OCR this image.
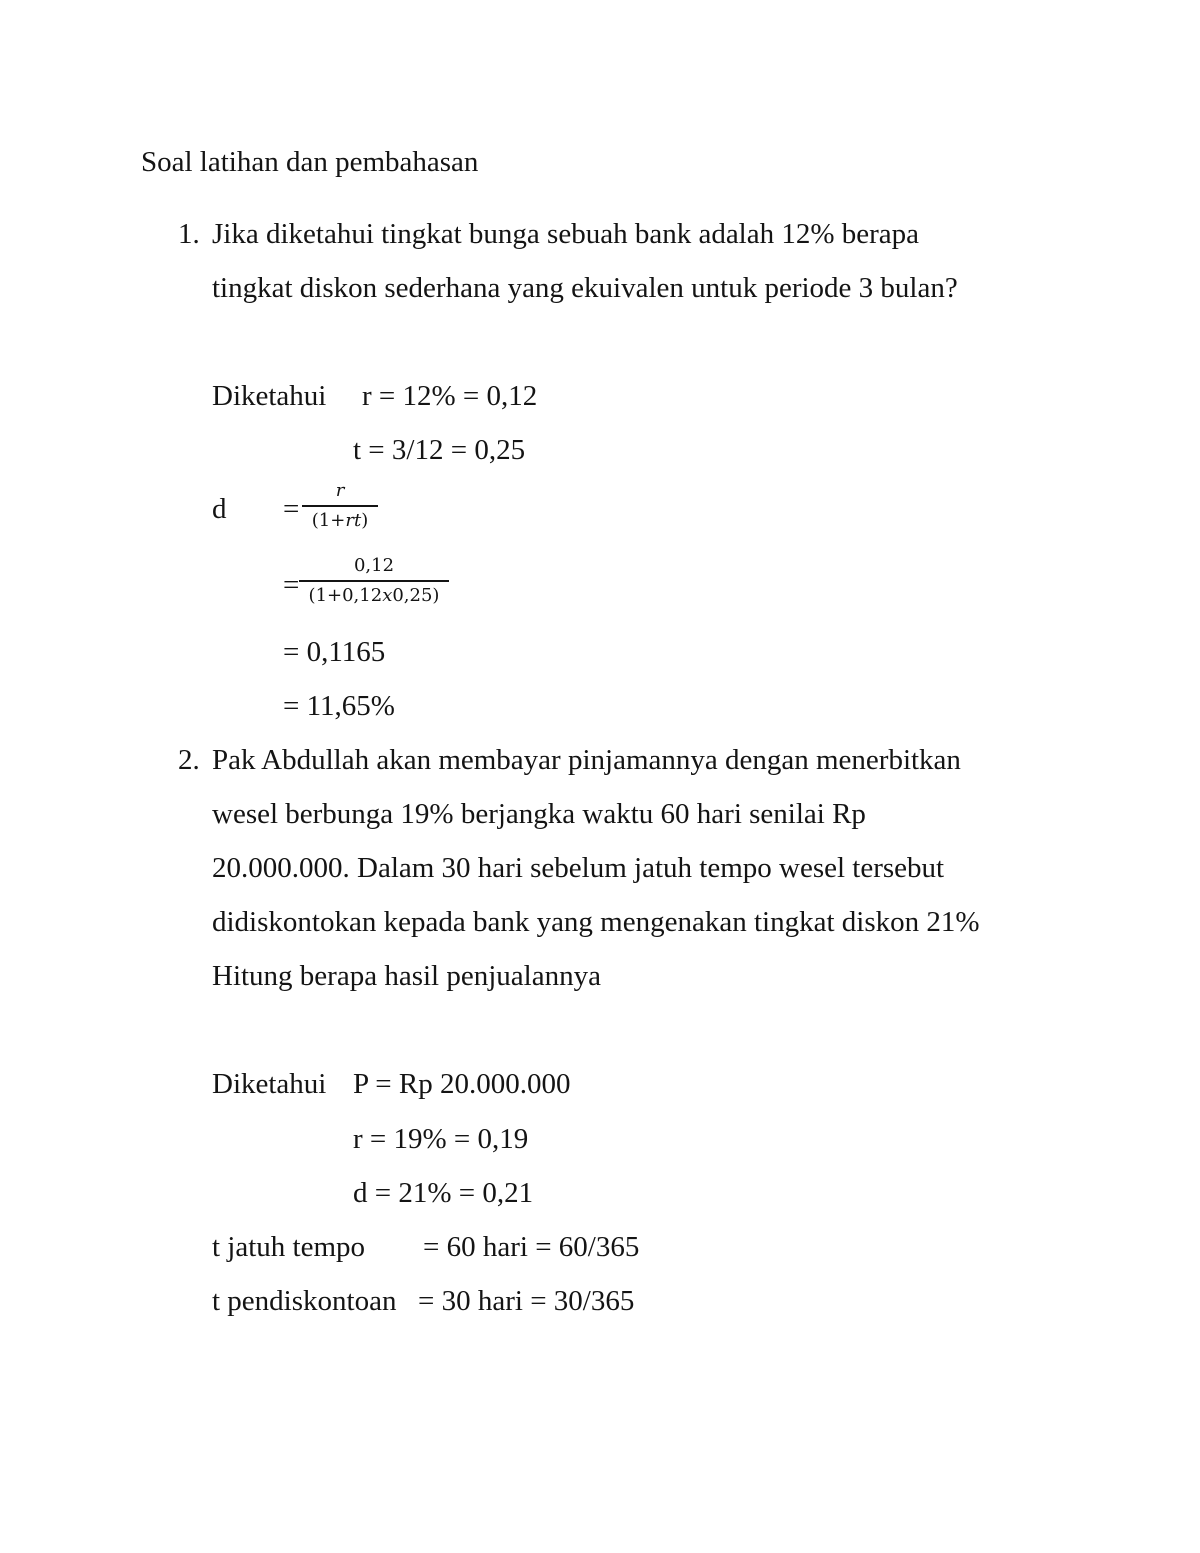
Soal latihan dan pembahasan
1. Jika diketahui tingkat bunga sebuah bank adalah 12% berapa
tingkat diskon sederhana yang ekuivalen untuk periode 3 bulan?
Diketahui r = 12% = 0,12
t = 3/12 = 0,25
d =
r
(1+rt)
=
0,12
(1+0,12x0,25)
= 0,1165
= 11,65%
2. Pak Abdullah akan membayar pinjamannya dengan menerbitkan
wesel berbunga 19% berjangka waktu 60 hari senilai Rp
20.000.000. Dalam 30 hari sebelum jatuh tempo wesel tersebut
didiskontokan kepada bank yang mengenakan tingkat diskon 21%
Hitung berapa hasil penjualannya
Diketahui P = Rp 20.000.000
r = 19% = 0,19
d = 21% = 0,21
t jatuh tempo = 60 hari = 60/365
t pendiskontoan = 30 hari = 30/365
